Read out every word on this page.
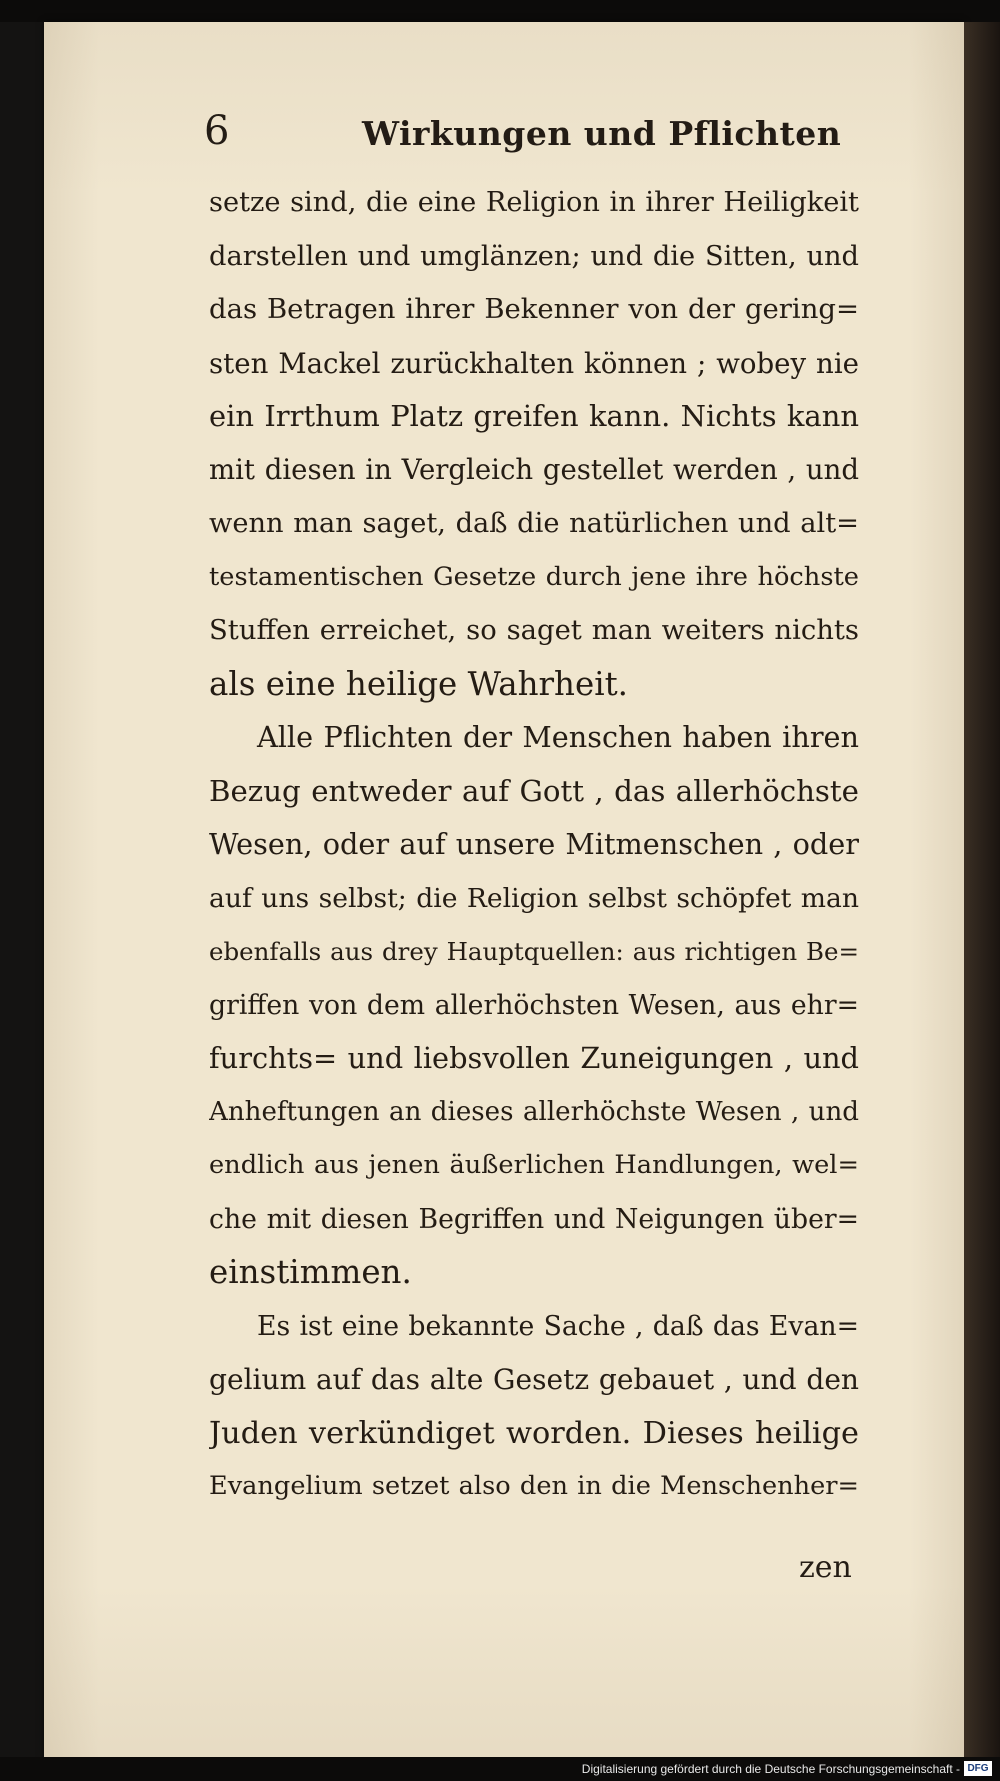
6	Wirkungen und Pflichten
setze sind, die eine Religion in ihrer Heiligkeit
darstellen und umglänzen; und die Sitten, und
das Betragen ihrer Bekenner von der gering=
sten Mackel zurückhalten können ; wobey nie
ein Irrthum Platz greifen kann. Nichts kann
mit diesen in Vergleich gestellet werden , und
wenn man saget, daß die natürlichen und alt=
testamentischen Gesetze durch jene ihre höchste
Stuffen erreichet, so saget man weiters nichts
als eine heilige Wahrheit.
Alle Pflichten der Menschen haben ihren
Bezug entweder auf Gott , das allerhöchste
Wesen, oder auf unsere Mitmenschen , oder
auf uns selbst; die Religion selbst schöpfet man
ebenfalls aus drey Hauptquellen: aus richtigen Be=
griffen von dem allerhöchsten Wesen, aus ehr=
furchts= und liebsvollen Zuneigungen , und
Anheftungen an dieses allerhöchste Wesen , und
endlich aus jenen äußerlichen Handlungen, wel=
che mit diesen Begriffen und Neigungen über=
einstimmen.
Es ist eine bekannte Sache , daß das Evan=
gelium auf das alte Gesetz gebauet , und den
Juden verkündiget worden. Dieses heilige
Evangelium setzet also den in die Menschenher=
zen
Digitalisierung gefördert durch die Deutsche Forschungsgemeinschaft - DFG
